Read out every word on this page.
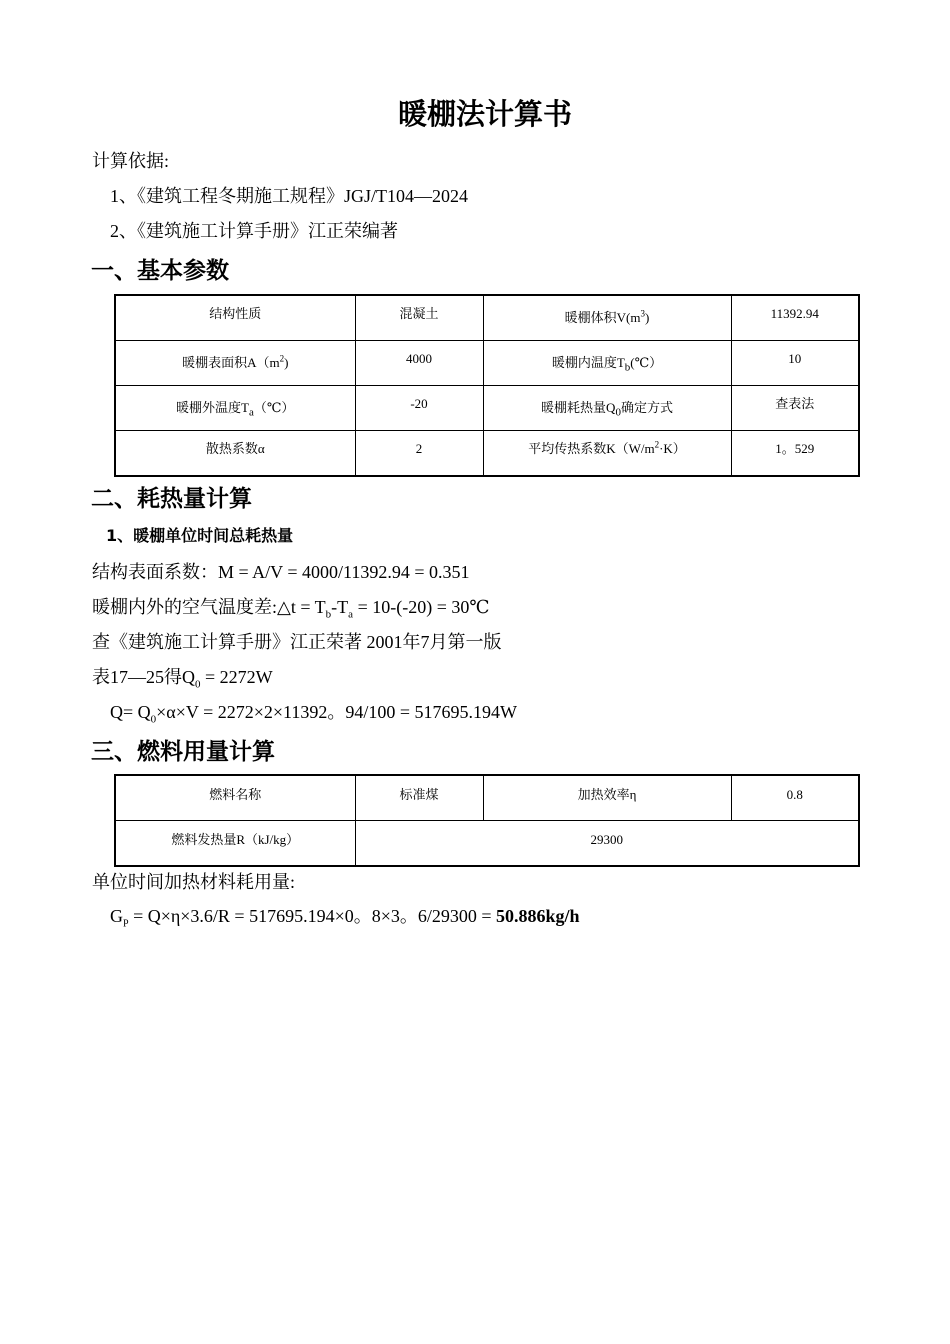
暖棚法计算书
计算依据:
1、《建筑工程冬期施工规程》JGJ/T104—2024
2、《建筑施工计算手册》江正荣编著
一、基本参数
结构性质	混凝土	暖棚体积$V(m^3)$	11392.94
暖棚表面积$A(m^2)$	4000	暖棚内温度$T_b(℃)$	10
暖棚外温度$T_a(℃)$	-20	暖棚耗热量$Q_0$确定方式	查表法
散热系数α	2	平均传热系数$K(W/m^2\cdot K)$	1。529
二、耗热量计算
1、暖棚单位时间总耗热量
结构表面系数：M = A/V = 4000/11392.94 = 0.351
暖棚内外的空气温度差:△t = $T_b-T_a = 10-(-20)$ = 30℃
查《建筑施工计算手册》江正荣著 2001年7月第一版
表17—25得$Q_0 = 2272W$
$Q= Q_0\times\alpha\times V = 2272\times 2\times 11392$。94/100 = 517695.194W
三、燃料用量计算
燃料名称	标准煤	加热效率η	0.8
燃料发热量R（kJ/kg）	29300		
单位时间加热材料耗用量:
$G_P = Q\times\eta\times 3.6/R = 517695.194\times 0$。8×3。6/29300 = 50.886kg/h
